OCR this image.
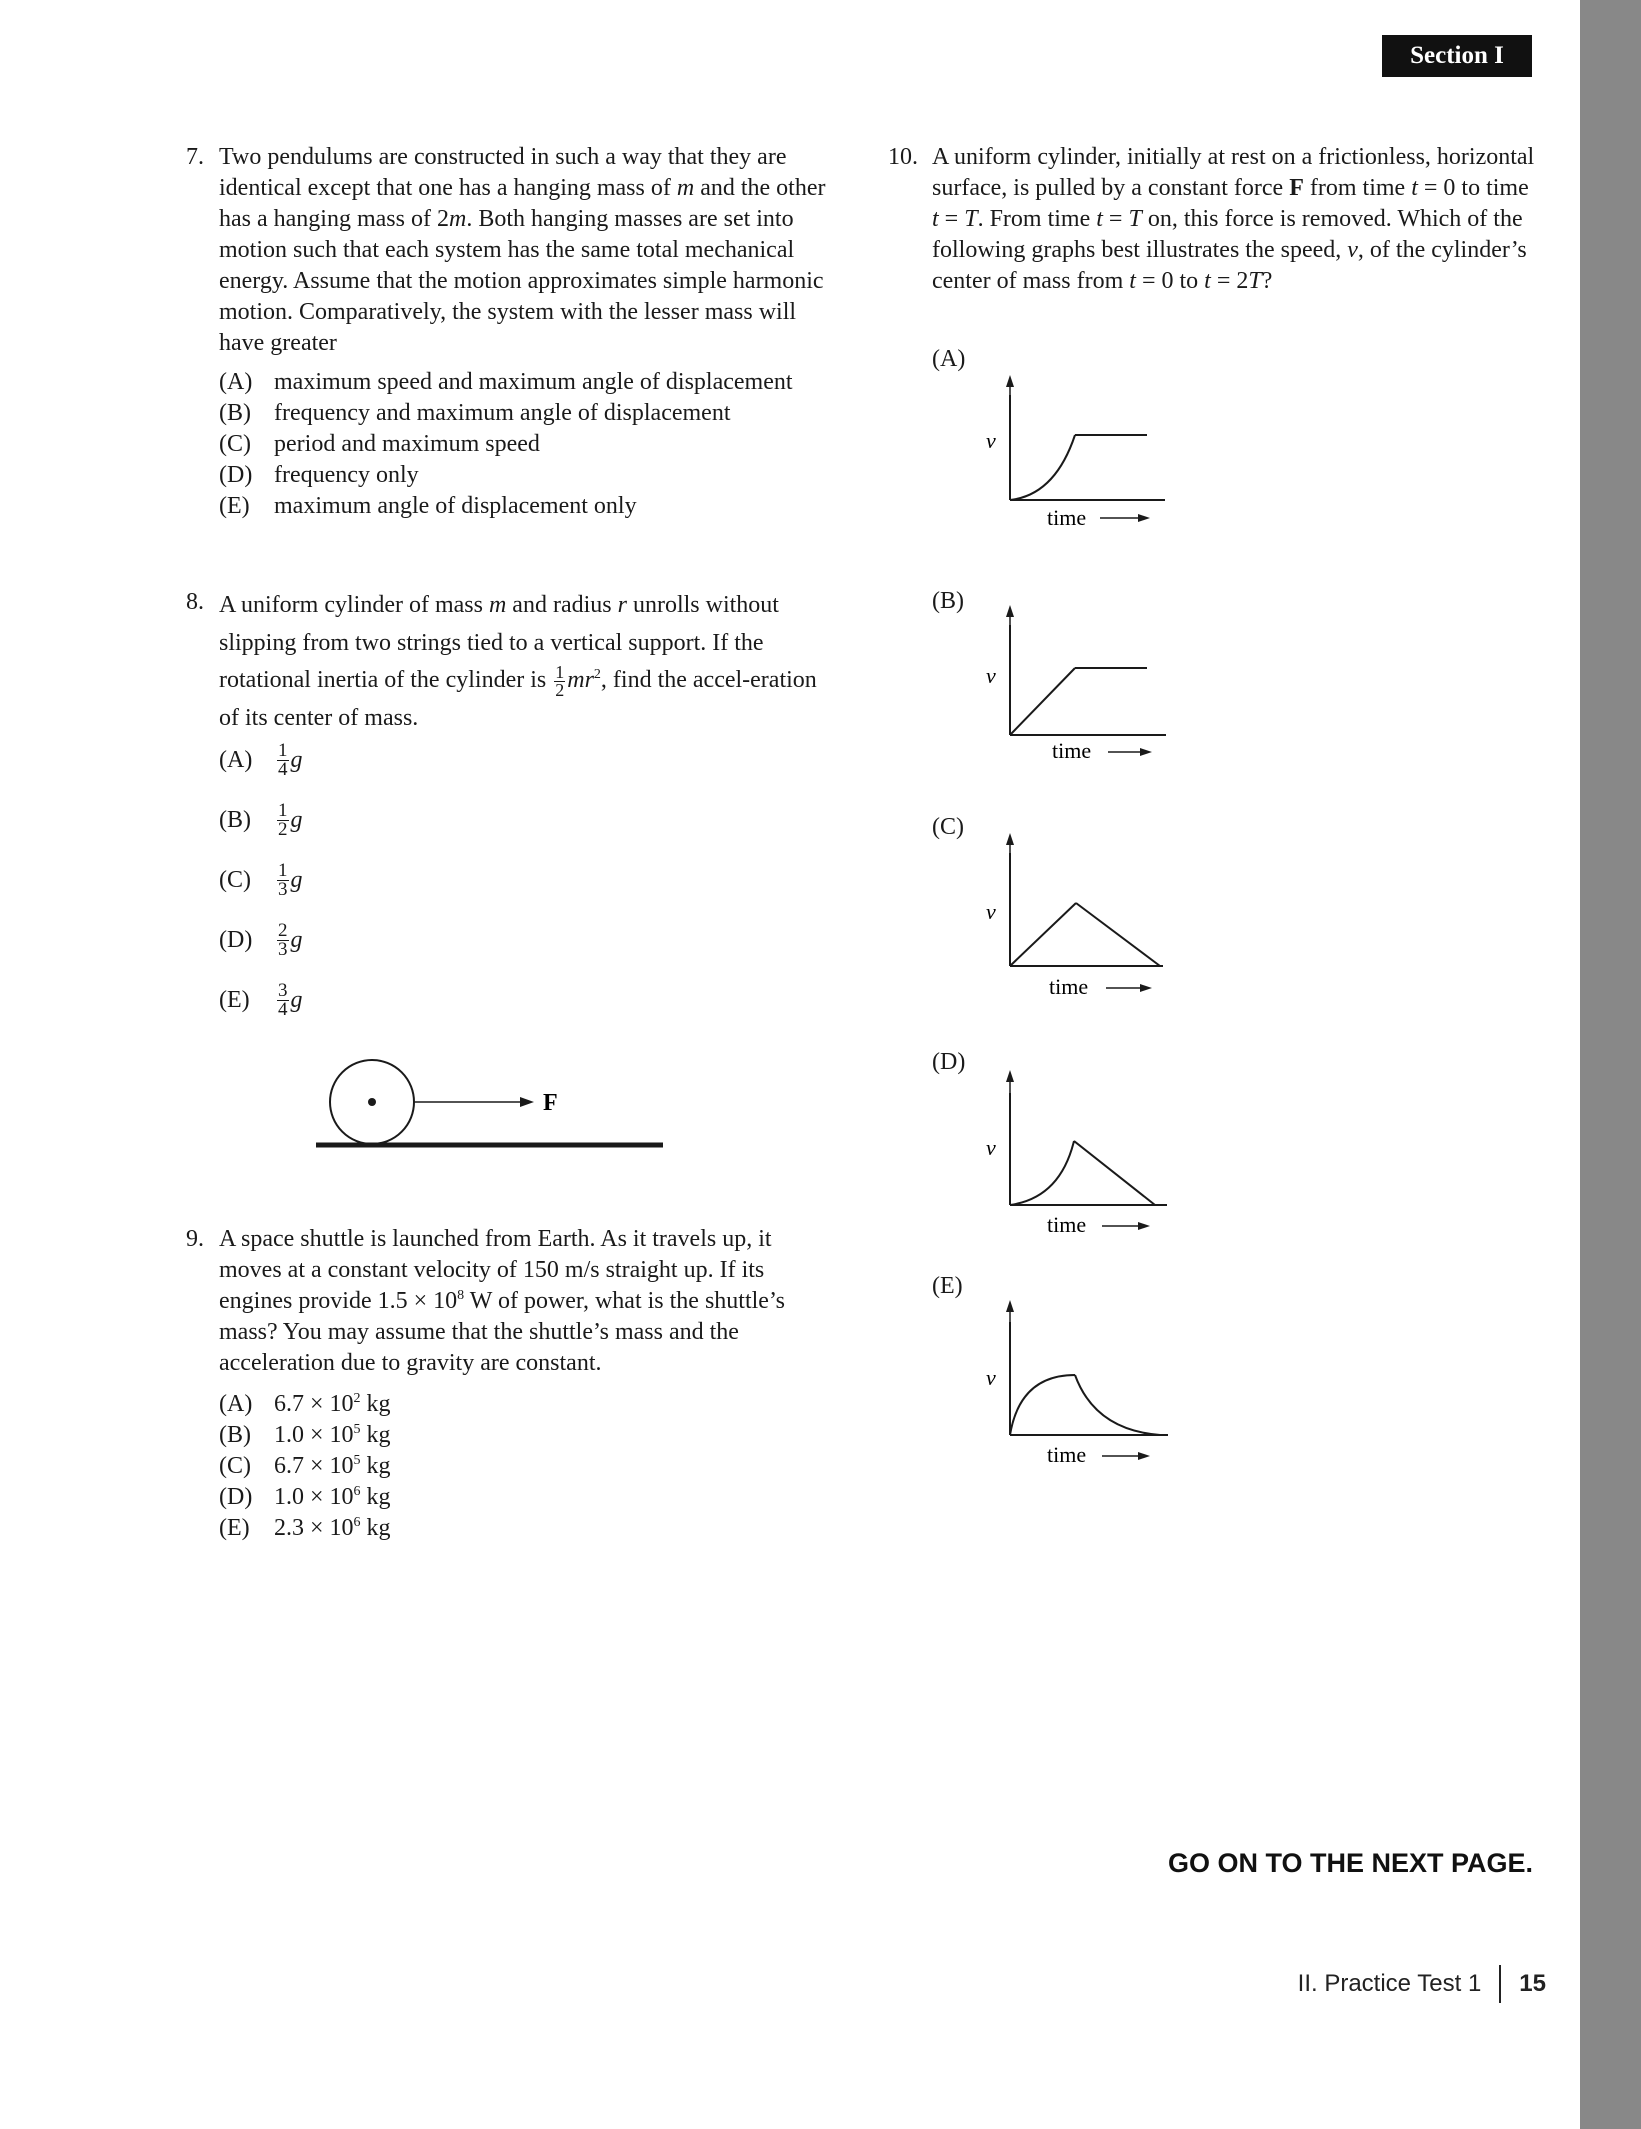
Section I
7. Two pendulums are constructed in such a way that they are identical except that one has a hanging mass of m and the other has a hanging mass of 2m. Both hanging masses are set into motion such that each system has the same total mechanical energy. Assume that the motion approximates simple harmonic motion. Comparatively, the system with the lesser mass will have greater
(A) maximum speed and maximum angle of displacement
(B) frequency and maximum angle of displacement
(C) period and maximum speed
(D) frequency only
(E) maximum angle of displacement only
8. A uniform cylinder of mass m and radius r unrolls without slipping from two strings tied to a vertical support. If the rotational inertia of the cylinder is $\frac{1}{2} mr^2$, find the accel-eration of its center of mass.
(A)	$\frac{1}{4}$ g
(B)	$\frac{1}{2}$ g
(C)	$\frac{1}{3}$ g
(D)	$\frac{2}{3}$ g
(E)	$\frac{3}{4}$ g
F
9. A space shuttle is launched from Earth. As it travels up, it moves at a constant velocity of 150 m/s straight up. If its engines provide $1.5 \times 10^8$ W of power, what is the shuttle’s mass? You may assume that the shuttle’s mass and the acceleration due to gravity are constant.
(A) $6.7 \times 10^2$ kg
(B) $1.0 \times 10^5$ kg
(C) $6.7 \times 10^5$ kg
(D) $1.0 \times 10^6$ kg
(E) $2.3 \times 10^6$ kg
10. A uniform cylinder, initially at rest on a frictionless, horizontal surface, is pulled by a constant force F from time t = 0 to time t = T. From time t = T on, this force is removed. Which of the following graphs best illustrates the speed, v, of the cylinder’s center of mass from t = 0 to t = 2T?
(A)
v
time
(B)
v
time
(C)
v
time
(D)
v
time
(E)
v
time
GO ON TO THE NEXT PAGE.
II. Practice Test 1 15
